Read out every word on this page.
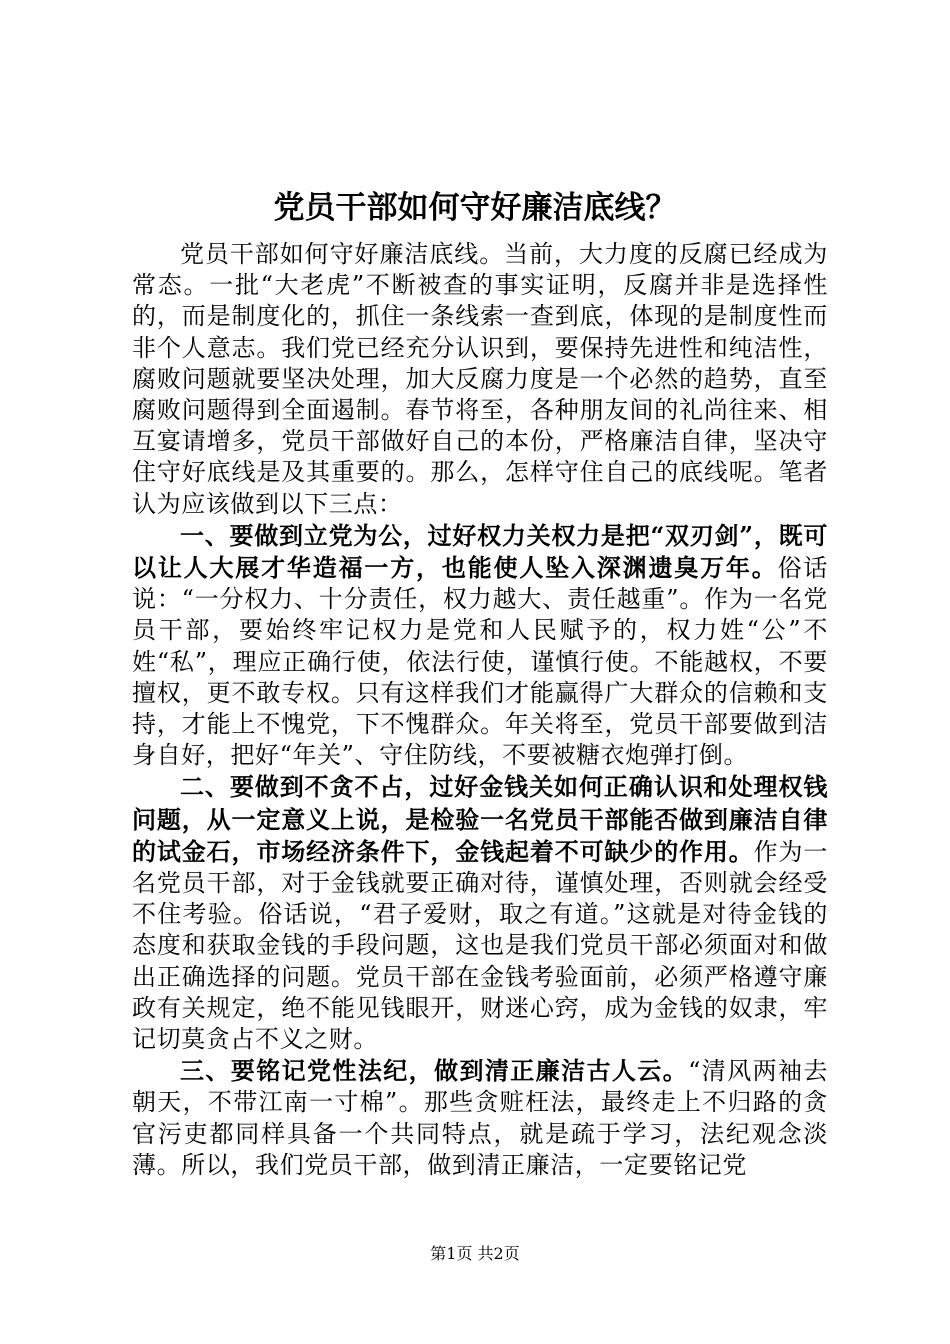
党员干部如何守好廉洁底线？

党员干部如何守好廉洁底线。当前，大力度的反腐已经成为常态。一批“大老虎”不断被查的事实证明，反腐并非是选择性的，而是制度化的，抓住一条线索一查到底，体现的是制度性而非个人意志。我们党已经充分认识到，要保持先进性和纯洁性，腐败问题就要坚决处理，加大反腐力度是一个必然的趋势，直至腐败问题得到全面遏制。春节将至，各种朋友间的礼尚往来、相互宴请增多，党员干部做好自己的本份，严格廉洁自律，坚决守住守好底线是及其重要的。那么，怎样守住自己的底线呢。笔者认为应该做到以下三点：

一、要做到立党为公，过好权力关权力是把“双刃剑”，既可以让人大展才华造福一方，也能使人坠入深渊遗臭万年。俗话说：“一分权力、十分责任，权力越大、责任越重”。作为一名党员干部，要始终牢记权力是党和人民赋予的，权力姓“公”不姓“私”，理应正确行使，依法行使，谨慎行使。不能越权，不要擅权，更不敢专权。只有这样我们才能赢得广大群众的信赖和支持，才能上不愧党，下不愧群众。年关将至，党员干部要做到洁身自好，把好“年关”、守住防线，不要被糖衣炮弹打倒。

二、要做到不贪不占，过好金钱关如何正确认识和处理权钱问题，从一定意义上说，是检验一名党员干部能否做到廉洁自律的试金石，市场经济条件下，金钱起着不可缺少的作用。作为一名党员干部，对于金钱就要正确对待，谨慎处理，否则就会经受不住考验。俗话说，“君子爱财，取之有道。”这就是对待金钱的态度和获取金钱的手段问题，这也是我们党员干部必须面对和做出正确选择的问题。党员干部在金钱考验面前，必须严格遵守廉政有关规定，绝不能见钱眼开，财迷心窍，成为金钱的奴隶，牢记切莫贪占不义之财。

三、要铭记党性法纪，做到清正廉洁古人云。“清风两袖去朝天，不带江南一寸棉”。那些贪赃枉法，最终走上不归路的贪官污吏都同样具备一个共同特点，就是疏于学习，法纪观念淡薄。所以，我们党员干部，做到清正廉洁，一定要铭记党

第1页 共2页
